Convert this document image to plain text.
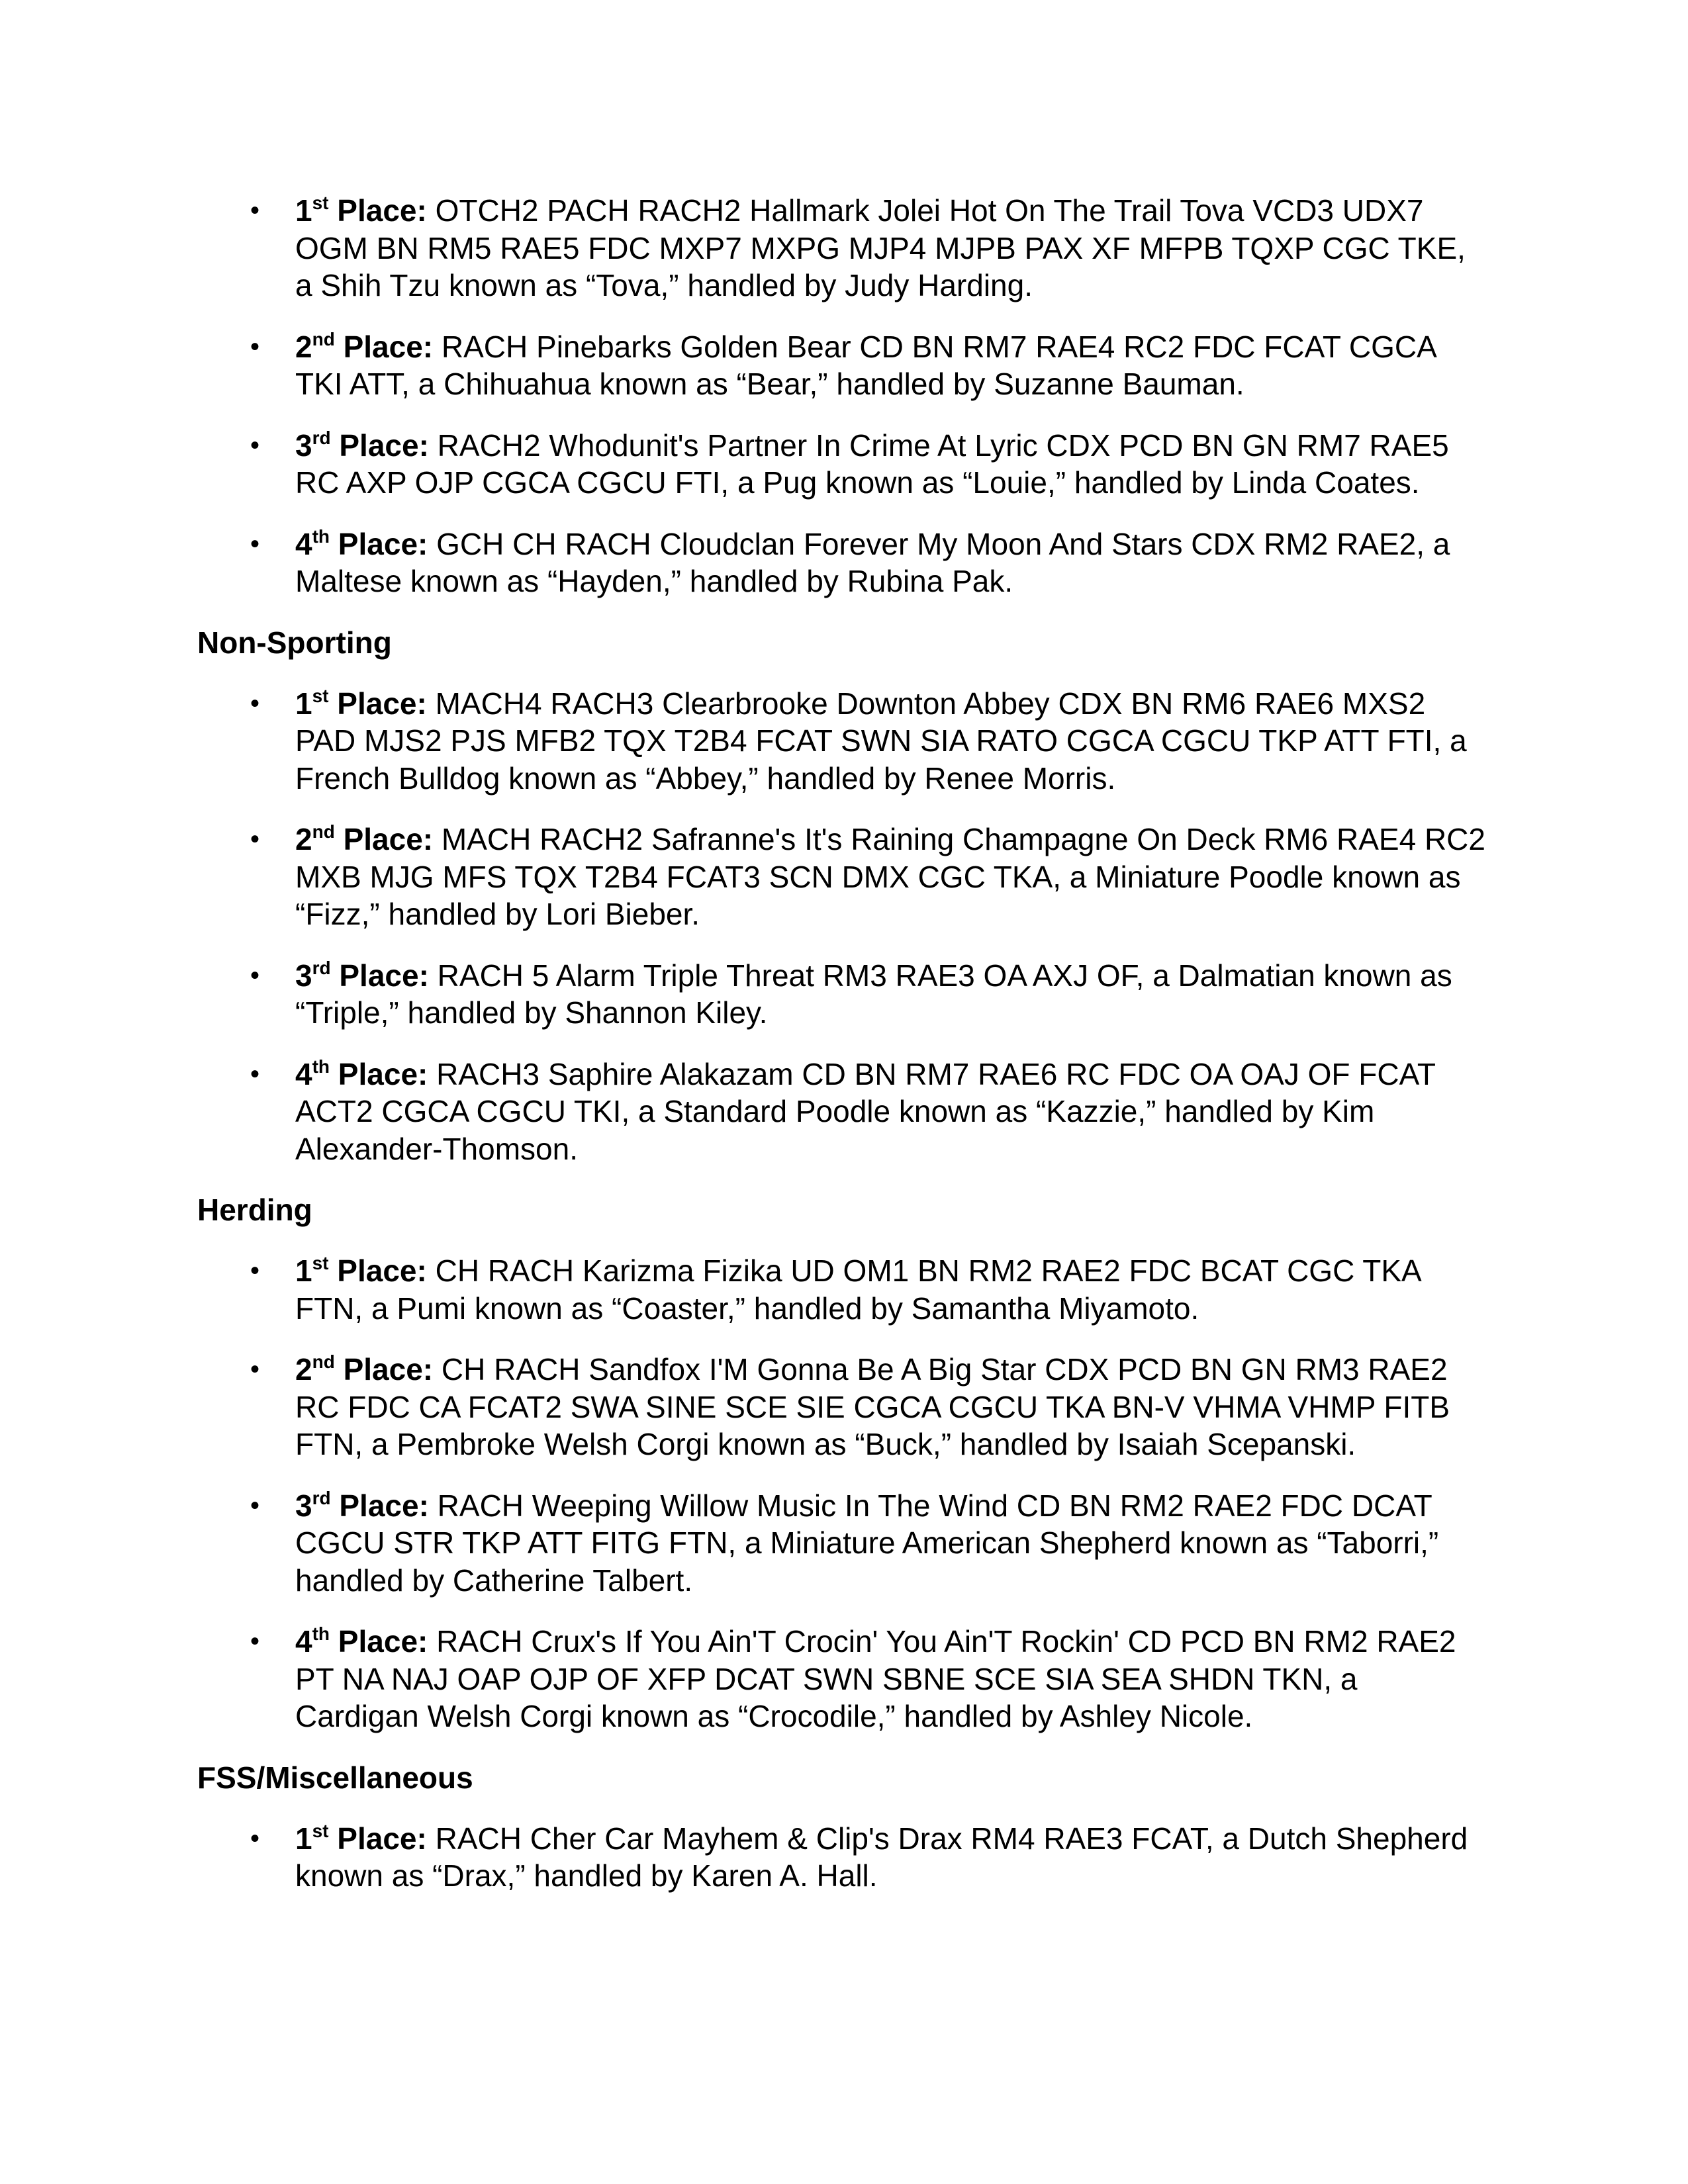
• 1st Place: OTCH2 PACH RACH2 Hallmark Jolei Hot On The Trail Tova VCD3 UDX7
OGM BN RM5 RAE5 FDC MXP7 MXPG MJP4 MJPB PAX XF MFPB TQXP CGC TKE,
a Shih Tzu known as “Tova,” handled by Judy Harding.
• 2nd Place: RACH Pinebarks Golden Bear CD BN RM7 RAE4 RC2 FDC FCAT CGCA
TKI ATT, a Chihuahua known as “Bear,” handled by Suzanne Bauman.
• 3rd Place: RACH2 Whodunit's Partner In Crime At Lyric CDX PCD BN GN RM7 RAE5
RC AXP OJP CGCA CGCU FTI, a Pug known as “Louie,” handled by Linda Coates.
• 4th Place: GCH CH RACH Cloudclan Forever My Moon And Stars CDX RM2 RAE2, a
Maltese known as “Hayden,” handled by Rubina Pak.
Non-Sporting
• 1st Place: MACH4 RACH3 Clearbrooke Downton Abbey CDX BN RM6 RAE6 MXS2
PAD MJS2 PJS MFB2 TQX T2B4 FCAT SWN SIA RATO CGCA CGCU TKP ATT FTI, a
French Bulldog known as “Abbey,” handled by Renee Morris.
• 2nd Place: MACH RACH2 Safranne's It's Raining Champagne On Deck RM6 RAE4 RC2
MXB MJG MFS TQX T2B4 FCAT3 SCN DMX CGC TKA, a Miniature Poodle known as
“Fizz,” handled by Lori Bieber.
• 3rd Place: RACH 5 Alarm Triple Threat RM3 RAE3 OA AXJ OF, a Dalmatian known as
“Triple,” handled by Shannon Kiley.
• 4th Place: RACH3 Saphire Alakazam CD BN RM7 RAE6 RC FDC OA OAJ OF FCAT
ACT2 CGCA CGCU TKI, a Standard Poodle known as “Kazzie,” handled by Kim
Alexander-Thomson.
Herding
• 1st Place: CH RACH Karizma Fizika UD OM1 BN RM2 RAE2 FDC BCAT CGC TKA
FTN, a Pumi known as “Coaster,” handled by Samantha Miyamoto.
• 2nd Place: CH RACH Sandfox I'M Gonna Be A Big Star CDX PCD BN GN RM3 RAE2
RC FDC CA FCAT2 SWA SINE SCE SIE CGCA CGCU TKA BN-V VHMA VHMP FITB
FTN, a Pembroke Welsh Corgi known as “Buck,” handled by Isaiah Scepanski.
• 3rd Place: RACH Weeping Willow Music In The Wind CD BN RM2 RAE2 FDC DCAT
CGCU STR TKP ATT FITG FTN, a Miniature American Shepherd known as “Taborri,”
handled by Catherine Talbert.
• 4th Place: RACH Crux's If You Ain'T Crocin' You Ain'T Rockin' CD PCD BN RM2 RAE2
PT NA NAJ OAP OJP OF XFP DCAT SWN SBNE SCE SIA SEA SHDN TKN, a
Cardigan Welsh Corgi known as “Crocodile,” handled by Ashley Nicole.
FSS/Miscellaneous
• 1st Place: RACH Cher Car Mayhem & Clip's Drax RM4 RAE3 FCAT, a Dutch Shepherd
known as “Drax,” handled by Karen A. Hall.
